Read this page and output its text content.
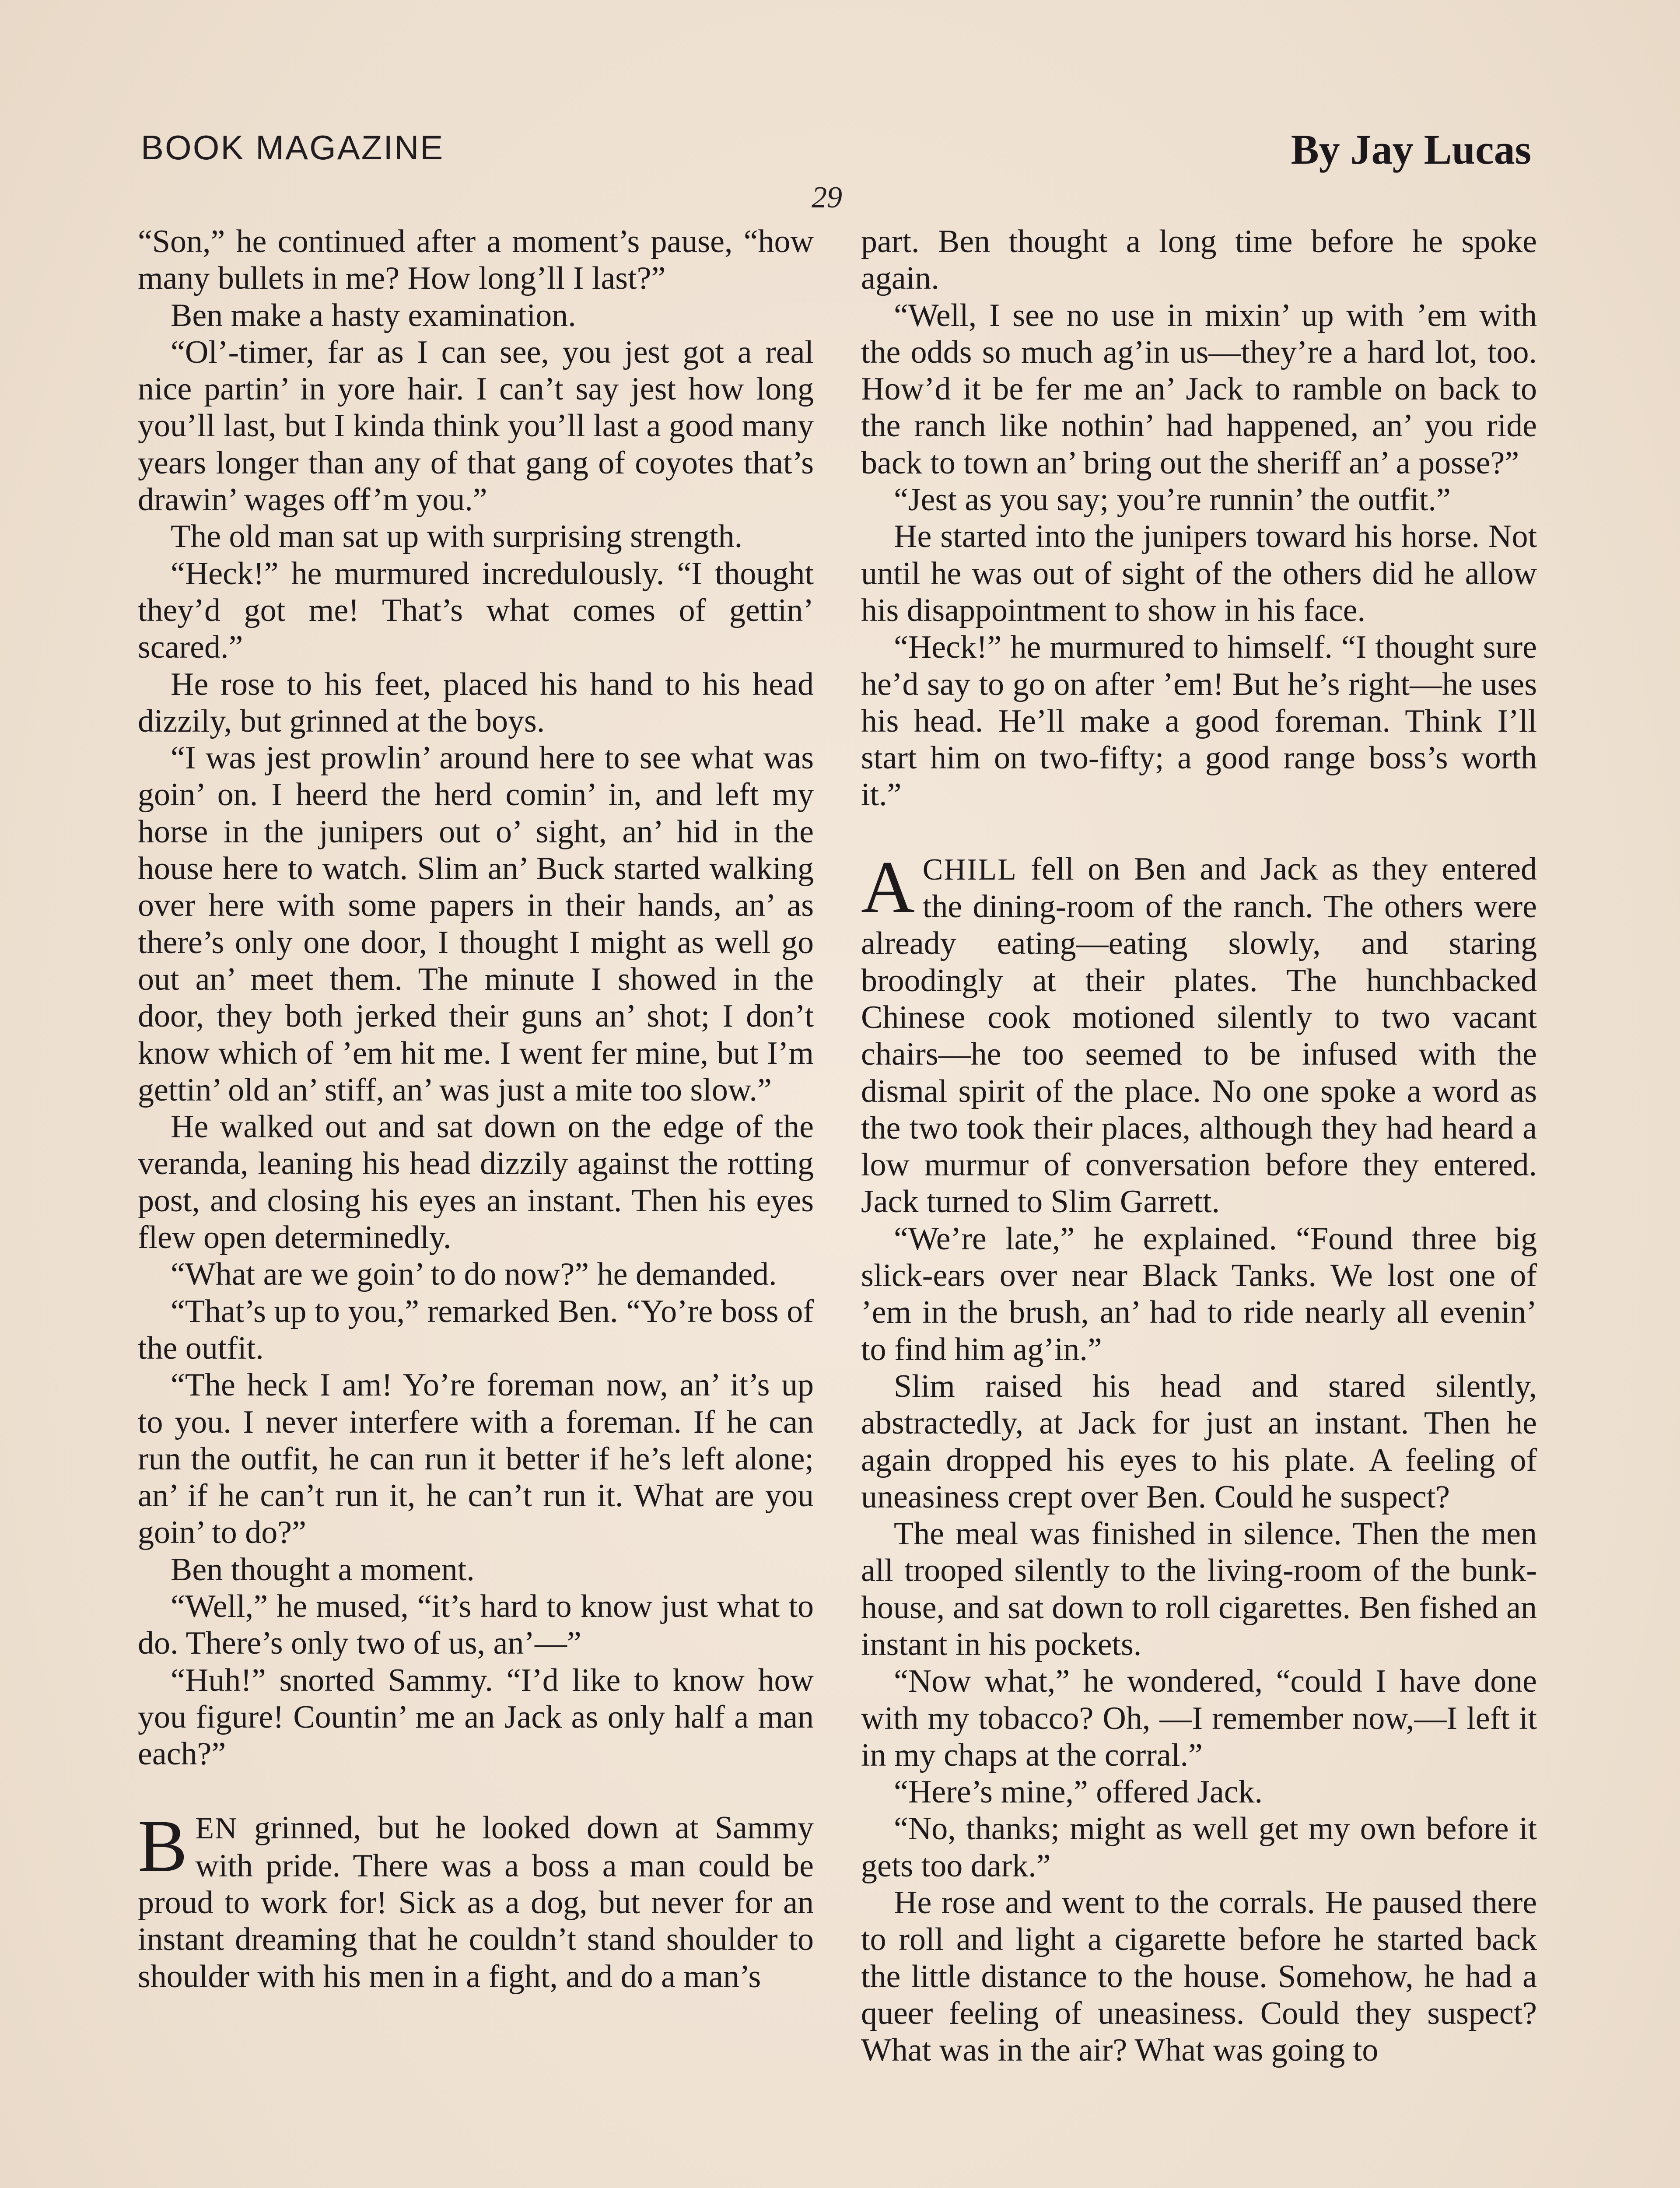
BOOK MAGAZINE	By Jay Lucas
29

“Son,” he continued after a moment’s pause, “how many bullets in me? How long’ll I last?”

Ben make a hasty examination.

“Ol’-timer, far as I can see, you jest got a real nice partin’ in yore hair. I can’t say jest how long you’ll last, but I kinda think you’ll last a good many years longer than any of that gang of coyotes that’s drawin’ wages off’m you.”

The old man sat up with surprising strength.

“Heck!” he murmured incredulously. “I thought they’d got me! That’s what comes of gettin’ scared.”

He rose to his feet, placed his hand to his head dizzily, but grinned at the boys.

“I was jest prowlin’ around here to see what was goin’ on. I heerd the herd comin’ in, and left my horse in the junipers out o’ sight, an’ hid in the house here to watch. Slim an’ Buck started walking over here with some papers in their hands, an’ as there’s only one door, I thought I might as well go out an’ meet them. The minute I showed in the door, they both jerked their guns an’ shot; I don’t know which of ’em hit me. I went fer mine, but I’m gettin’ old an’ stiff, an’ was just a mite too slow.”

He walked out and sat down on the edge of the veranda, leaning his head dizzily against the rotting post, and closing his eyes an instant. Then his eyes flew open determinedly.

“What are we goin’ to do now?” he demanded.

“That’s up to you,” remarked Ben. “Yo’re boss of the outfit.

“The heck I am! Yo’re foreman now, an’ it’s up to you. I never interfere with a foreman. If he can run the outfit, he can run it better if he’s left alone; an’ if he can’t run it, he can’t run it. What are you goin’ to do?”

Ben thought a moment.

“Well,” he mused, “it’s hard to know just what to do. There’s only two of us, an’—”

“Huh!” snorted Sammy. “I’d like to know how you figure! Countin’ me an Jack as only half a man each?”

BEN grinned, but he looked down at Sammy with pride. There was a boss a man could be proud to work for! Sick as a dog, but never for an instant dreaming that he couldn’t stand shoulder to shoulder with his men in a fight, and do a man’s

part. Ben thought a long time before he spoke again.

“Well, I see no use in mixin’ up with ’em with the odds so much ag’in us—they’re a hard lot, too. How’d it be fer me an’ Jack to ramble on back to the ranch like nothin’ had happened, an’ you ride back to town an’ bring out the sheriff an’ a posse?”

“Jest as you say; you’re runnin’ the outfit.”

He started into the junipers toward his horse. Not until he was out of sight of the others did he allow his disappointment to show in his face.

“Heck!” he murmured to himself. “I thought sure he’d say to go on after ’em! But he’s right—he uses his head. He’ll make a good foreman. Think I’ll start him on two-fifty; a good range boss’s worth it.”

A CHILL fell on Ben and Jack as they entered the dining-room of the ranch. The others were already eating—eating slowly, and staring broodingly at their plates. The hunchbacked Chinese cook motioned silently to two vacant chairs—he too seemed to be infused with the dismal spirit of the place. No one spoke a word as the two took their places, although they had heard a low murmur of conversation before they entered. Jack turned to Slim Garrett.

“We’re late,” he explained. “Found three big slick-ears over near Black Tanks. We lost one of ’em in the brush, an’ had to ride nearly all evenin’ to find him ag’in.”

Slim raised his head and stared silently, abstractedly, at Jack for just an instant. Then he again dropped his eyes to his plate. A feeling of uneasiness crept over Ben. Could he suspect?

The meal was finished in silence. Then the men all trooped silently to the living-room of the bunk-house, and sat down to roll cigarettes. Ben fished an instant in his pockets.

“Now what,” he wondered, “could I have done with my tobacco? Oh, —I remember now,—I left it in my chaps at the corral.”

“Here’s mine,” offered Jack.

“No, thanks; might as well get my own before it gets too dark.”

He rose and went to the corrals. He paused there to roll and light a cigarette before he started back the little distance to the house. Somehow, he had a queer feeling of uneasiness. Could they suspect? What was in the air? What was going to
